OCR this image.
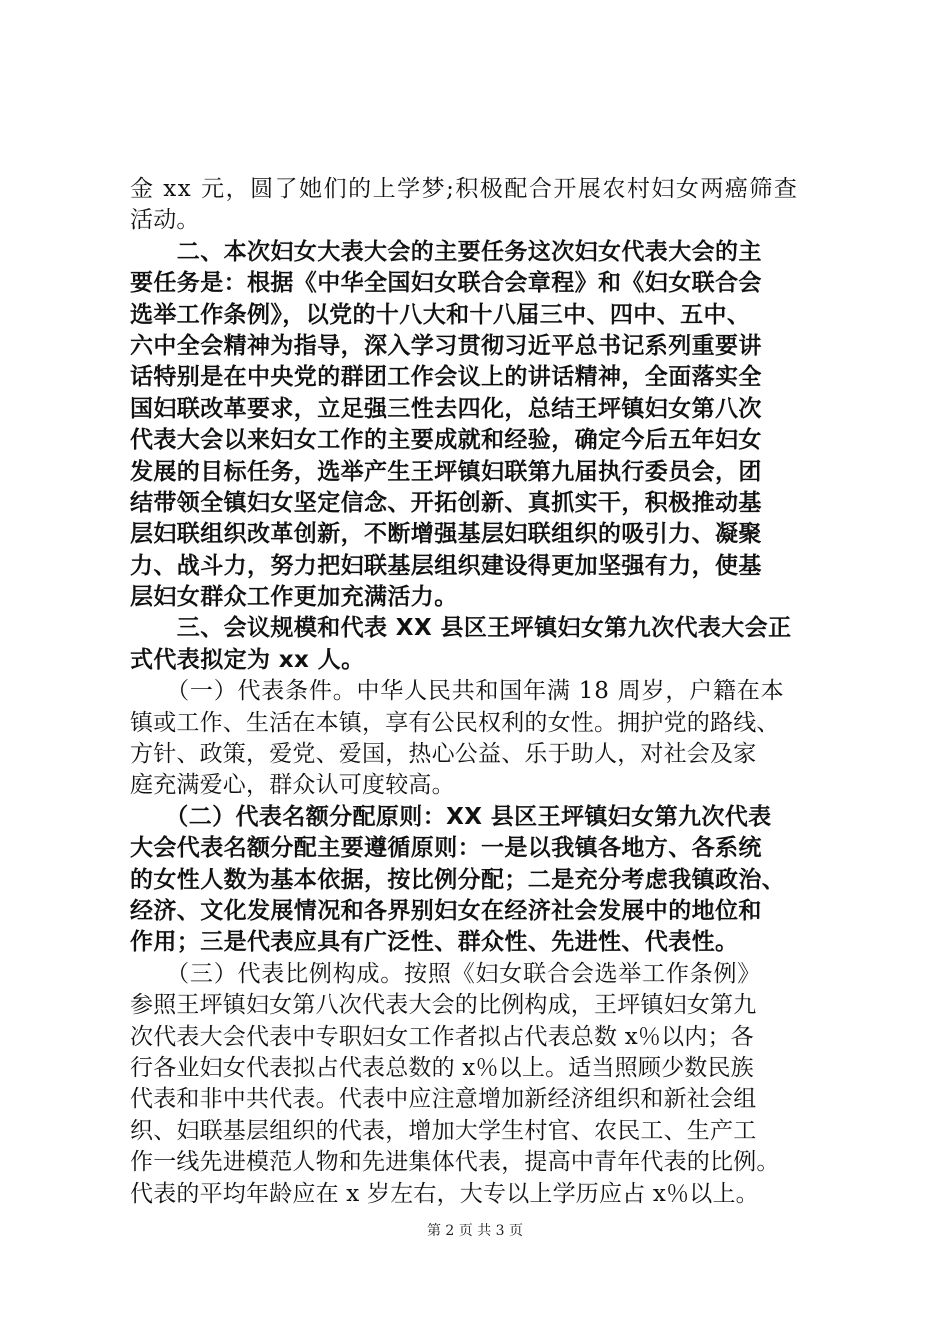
金 xx 元，圆了她们的上学梦;积极配合开展农村妇女两癌筛查
活动。
　　二、本次妇女大表大会的主要任务这次妇女代表大会的主
要任务是：根据《中华全国妇女联合会章程》和《妇女联合会
选举工作条例》，以党的十八大和十八届三中、四中、五中、
六中全会精神为指导，深入学习贯彻习近平总书记系列重要讲
话特别是在中央党的群团工作会议上的讲话精神，全面落实全
国妇联改革要求，立足强三性去四化，总结王坪镇妇女第八次
代表大会以来妇女工作的主要成就和经验，确定今后五年妇女
发展的目标任务，选举产生王坪镇妇联第九届执行委员会，团
结带领全镇妇女坚定信念、开拓创新、真抓实干，积极推动基
层妇联组织改革创新，不断增强基层妇联组织的吸引力、凝聚
力、战斗力，努力把妇联基层组织建设得更加坚强有力，使基
层妇女群众工作更加充满活力。
　　三、会议规模和代表 XX 县区王坪镇妇女第九次代表大会正
式代表拟定为 xx 人。
　　（一）代表条件。中华人民共和国年满 18 周岁，户籍在本
镇或工作、生活在本镇，享有公民权利的女性。拥护党的路线、
方针、政策，爱党、爱国，热心公益、乐于助人，对社会及家
庭充满爱心，群众认可度较高。
　　（二）代表名额分配原则：XX 县区王坪镇妇女第九次代表
大会代表名额分配主要遵循原则：一是以我镇各地方、各系统
的女性人数为基本依据，按比例分配；二是充分考虑我镇政治、
经济、文化发展情况和各界别妇女在经济社会发展中的地位和
作用；三是代表应具有广泛性、群众性、先进性、代表性。
　　（三）代表比例构成。按照《妇女联合会选举工作条例》
参照王坪镇妇女第八次代表大会的比例构成，王坪镇妇女第九
次代表大会代表中专职妇女工作者拟占代表总数 x％以内；各
行各业妇女代表拟占代表总数的 x％以上。适当照顾少数民族
代表和非中共代表。代表中应注意增加新经济组织和新社会组
织、妇联基层组织的代表，增加大学生村官、农民工、生产工
作一线先进模范人物和先进集体代表，提高中青年代表的比例。
代表的平均年龄应在 x 岁左右，大专以上学历应占 x％以上。
第 2 页 共 3 页
